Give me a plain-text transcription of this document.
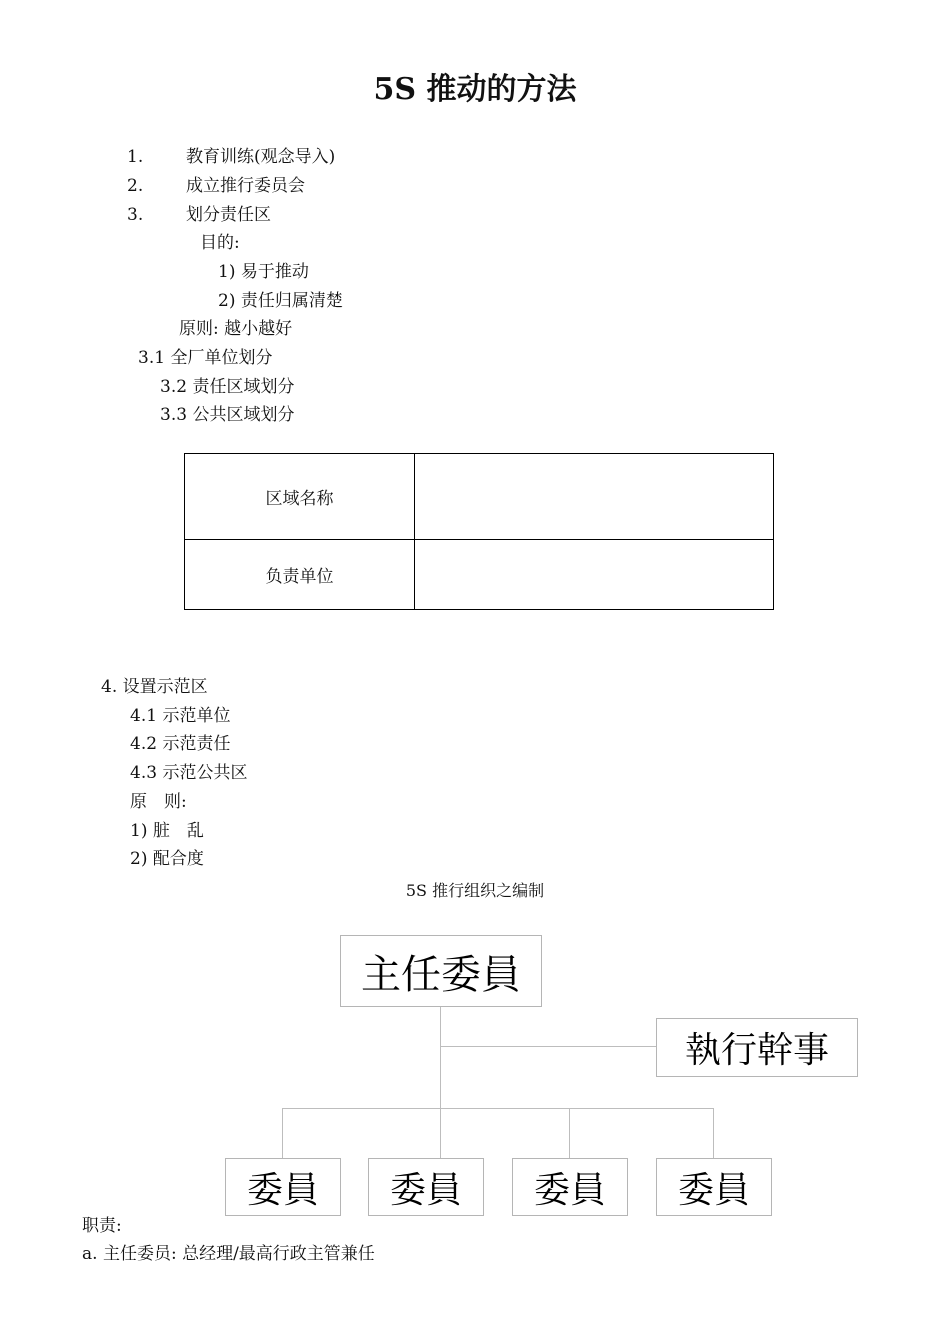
5S 推动的方法
1.	教育训练(观念导入)
2.	成立推行委员会
3.	划分责任区
目的:
1) 易于推动
2) 责任归属清楚
原则: 越小越好
3.1 全厂单位划分
3.2 责任区域划分
3.3 公共区域划分
区域名称	
负责单位	
4. 设置示范区
4.1 示范单位
4.2 示范责任
4.3 示范公共区
原　则:
1) 脏　乱
2) 配合度
5S 推行组织之编制
主任委員
執行幹事
委員 委員 委員 委員
职责:
a. 主任委员: 总经理/最高行政主管兼任
